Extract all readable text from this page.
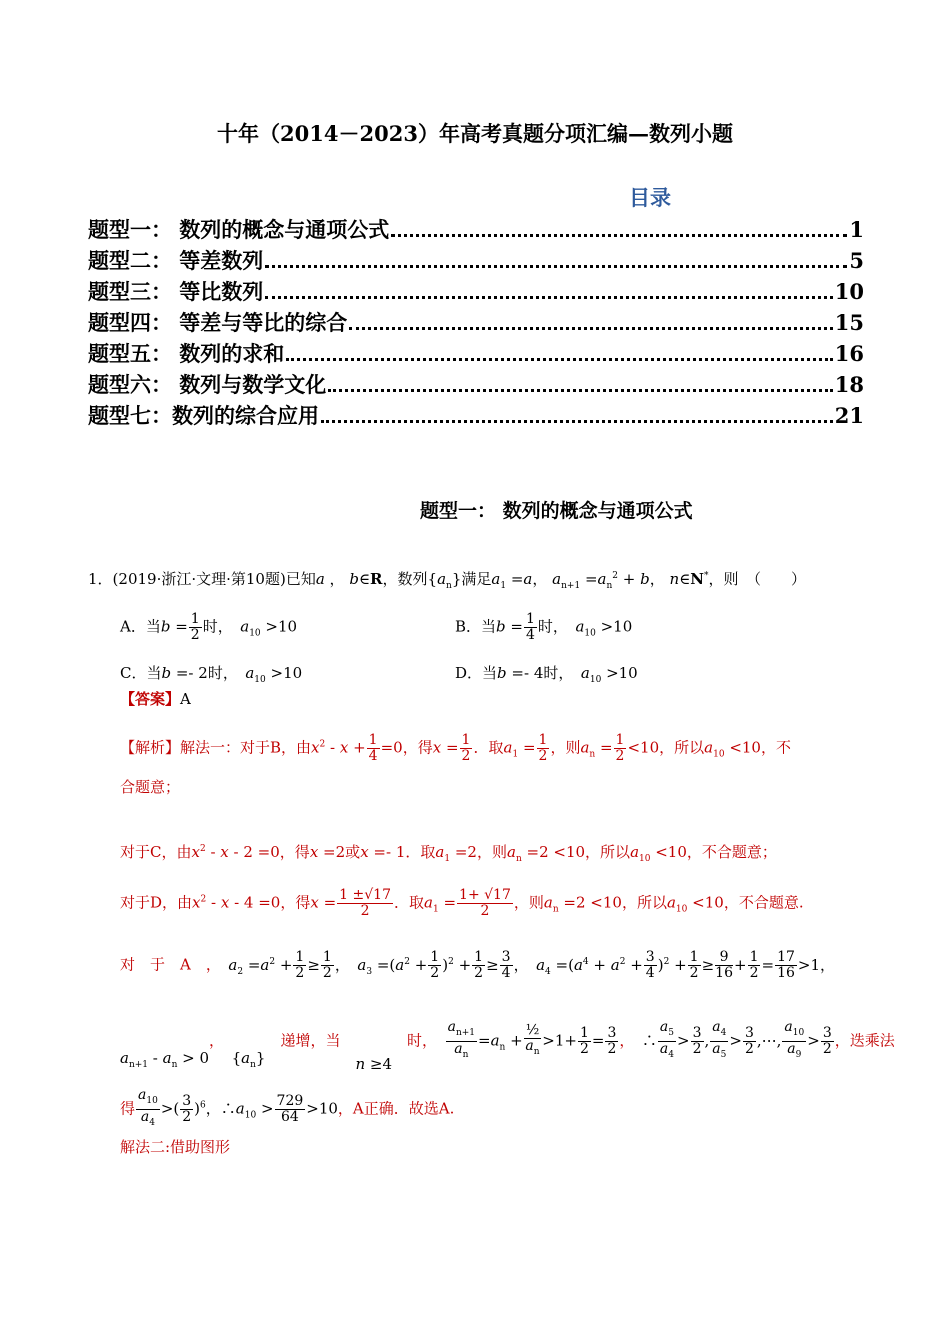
十年（2014－2023）年高考真题分项汇编—数列小题
目录
题型一： 数列的概念与通项公式	1
题型二： 等差数列	5
题型三： 等比数列	10
题型四： 等差与等比的综合	15
题型五： 数列的求和	16
题型六： 数列与数学文化	18
题型七：数列的综合应用	21
题型一： 数列的概念与通项公式
1．(2019·浙江·文理·第10题)已知a ， b∈R，数列$\{a_n\}$满足$a_1 =a$， $a_{n+1} =a_n^2 + b$， n∈N*，则　（　　）
A．当$b = \frac{1}{2}$ 时，　 $a_{10} >10$	B．当$b = \frac{1}{4}$ 时，　 $a_{10} >10$
C．当b =- 2时，　 $a_{10} >10$	D．当b =- 4时，　 $a_{10} >10$
【答案】A
【解析】解法一：对于B，由$x^2 - x + \frac{1}{4} =0$，得$x = \frac{1}{2}$ ．取$a_1 = \frac{1}{2}$ ，则$a_n = \frac{1}{2} <10$，所以$a_{10} <10$，不
合题意；
对于C，由$x^2 - x - 2 =0$，得x =2或x =- 1．取$a_1 =2$，则$a_n =2 <10$，所以$a_{10} <10$，不合题意；
对于D，由$x^2 - x - 4 =0$，得$x = \frac{1 \pm√17}{2}$ ．取$a_1 = \frac{1+ √17}{2}$ ，则$a_n =2 <10$，所以$a_{10} <10$，不合题意.
对　于　A　，　 $a_2 =a^2 + \frac{1}{2} \ge \frac{1}{2}$ ，　$a_3 =(a^2 + \frac{1}{2} )^2 + \frac{1}{2} \ge \frac{3}{4}$ ，　$a_4 =(a^4 + a^2 + \frac{3}{4} )^2 + \frac{1}{2} \ge \frac{9}{16} + \frac{1}{2} = \frac{17}{16} >1$，
$a_{n+1} - a_n > 0$，　$\{a_n\}$　递增，当　n ≥4　时，　 $\frac{a_{n+1}}{a_n} =a_n + \frac{\text{½}}{a_n} >1+ \frac{1}{2} = \frac{3}{2}$ ，　∴ $\frac{a_5}{a_4} > \frac{3}{2}$ , $\frac{a_4}{a_5} > \frac{3}{2}$ ,⋯, $\frac{a_{10}}{a_9} > \frac{3}{2}$ ，迭乘法
得 $\frac{a_{10}}{a_4}$ >( $\frac{3}{2} )^6$，$\therefore a_{10} > \frac{729}{64} >10$，A正确．故选A.
解法二:借助图形
